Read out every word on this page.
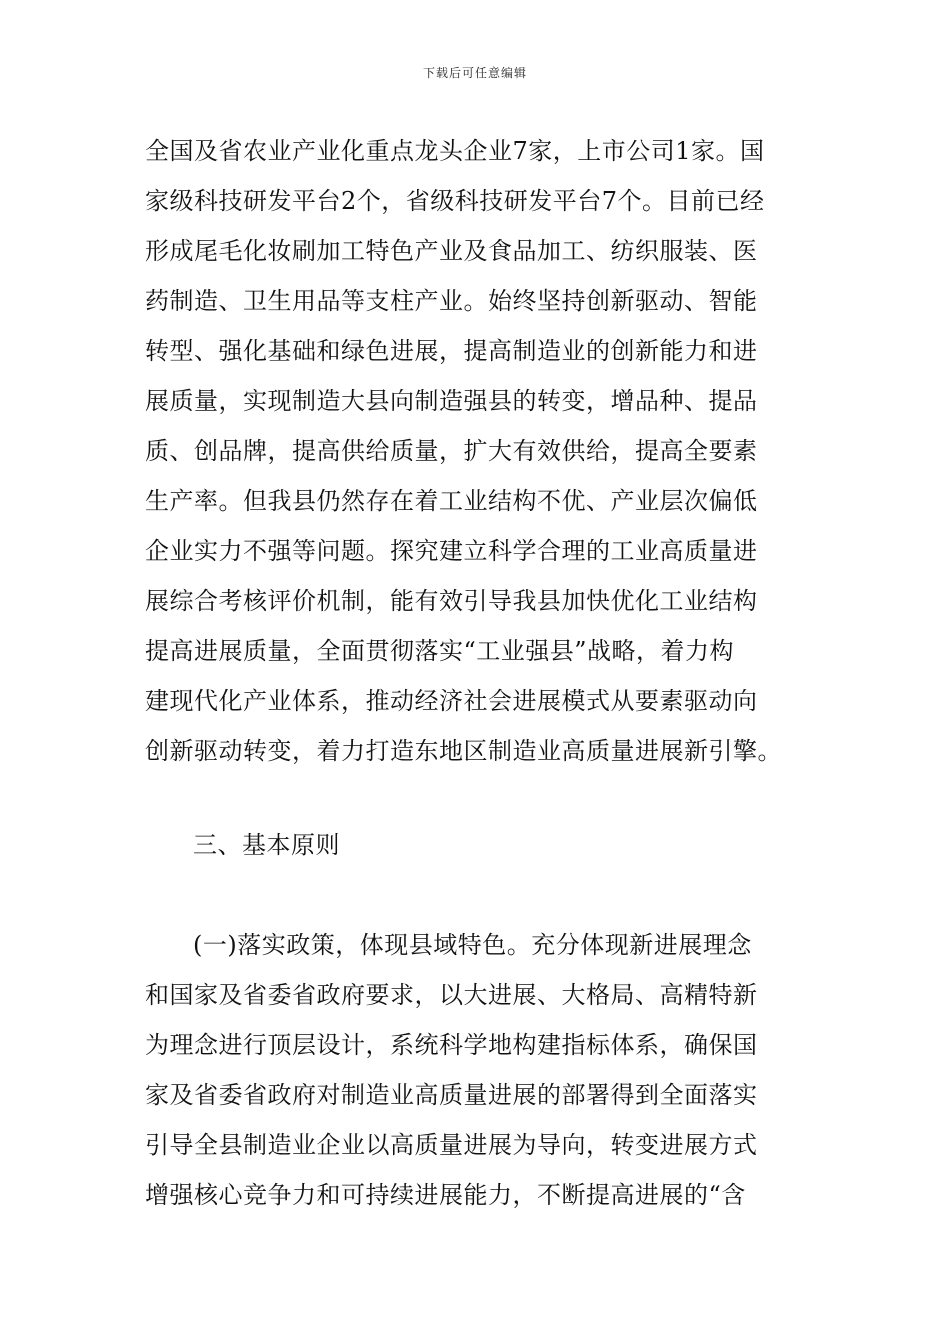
下载后可任意编辑
全国及省农业产业化重点龙头企业7家，上市公司1家。国
家级科技研发平台2个，省级科技研发平台7个。目前已经
形成尾毛化妆刷加工特色产业及食品加工、纺织服装、医
药制造、卫生用品等支柱产业。始终坚持创新驱动、智能
转型、强化基础和绿色进展，提高制造业的创新能力和进
展质量，实现制造大县向制造强县的转变，增品种、提品
质、创品牌，提高供给质量，扩大有效供给，提高全要素
生产率。但我县仍然存在着工业结构不优、产业层次偏低
企业实力不强等问题。探究建立科学合理的工业高质量进
展综合考核评价机制，能有效引导我县加快优化工业结构
提高进展质量，全面贯彻落实“工业强县”战略，着力构
建现代化产业体系，推动经济社会进展模式从要素驱动向
创新驱动转变，着力打造东地区制造业高质量进展新引擎。
三、基本原则
(一)落实政策，体现县域特色。充分体现新进展理念
和国家及省委省政府要求，以大进展、大格局、高精特新
为理念进行顶层设计，系统科学地构建指标体系，确保国
家及省委省政府对制造业高质量进展的部署得到全面落实
引导全县制造业企业以高质量进展为导向，转变进展方式
增强核心竞争力和可持续进展能力，不断提高进展的“含
